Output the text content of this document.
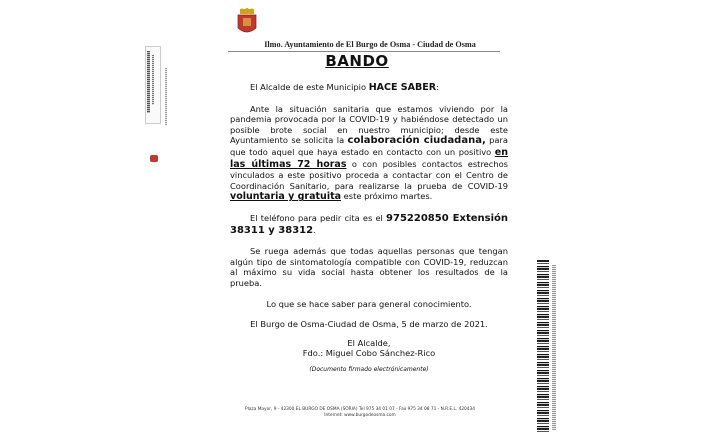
Ilmo. Ayuntamiento de El Burgo de Osma - Ciudad de Osma
BANDO

El Alcalde de este Municipio HACE SABER:

Ante la situación sanitaria que estamos viviendo por la pandemia provocada por la COVID-19 y habiéndose detectado un posible brote social en nuestro municipio; desde este Ayuntamiento se solicita la colaboración ciudadana, para que todo aquel que haya estado en contacto con un positivo en las últimas 72 horas o con posibles contactos estrechos vinculados a este positivo proceda a contactar con el Centro de Coordinación Sanitario, para realizarse la prueba de COVID-19 voluntaria y gratuita este próximo martes.

El teléfono para pedir cita es el 975220850 Extensión 38311 y 38312.

Se ruega además que todas aquellas personas que tengan algún tipo de sintomatología compatible con COVID-19, reduzcan al máximo su vida social hasta obtener los resultados de la prueba.

Lo que se hace saber para general conocimiento.

El Burgo de Osma-Ciudad de Osma, 5 de marzo de 2021.

El Alcalde,
Fdo.: Miguel Cobo Sánchez-Rico
(Documento firmado electrónicamente)
Plaza Mayor, 9 - 42300 EL BURGO DE OSMA (SORIA) Tel 975 34 01 07 - Fax 975 34 08 71 - N.R.E.L. 420434
Internet: www.burgodeosma.com
